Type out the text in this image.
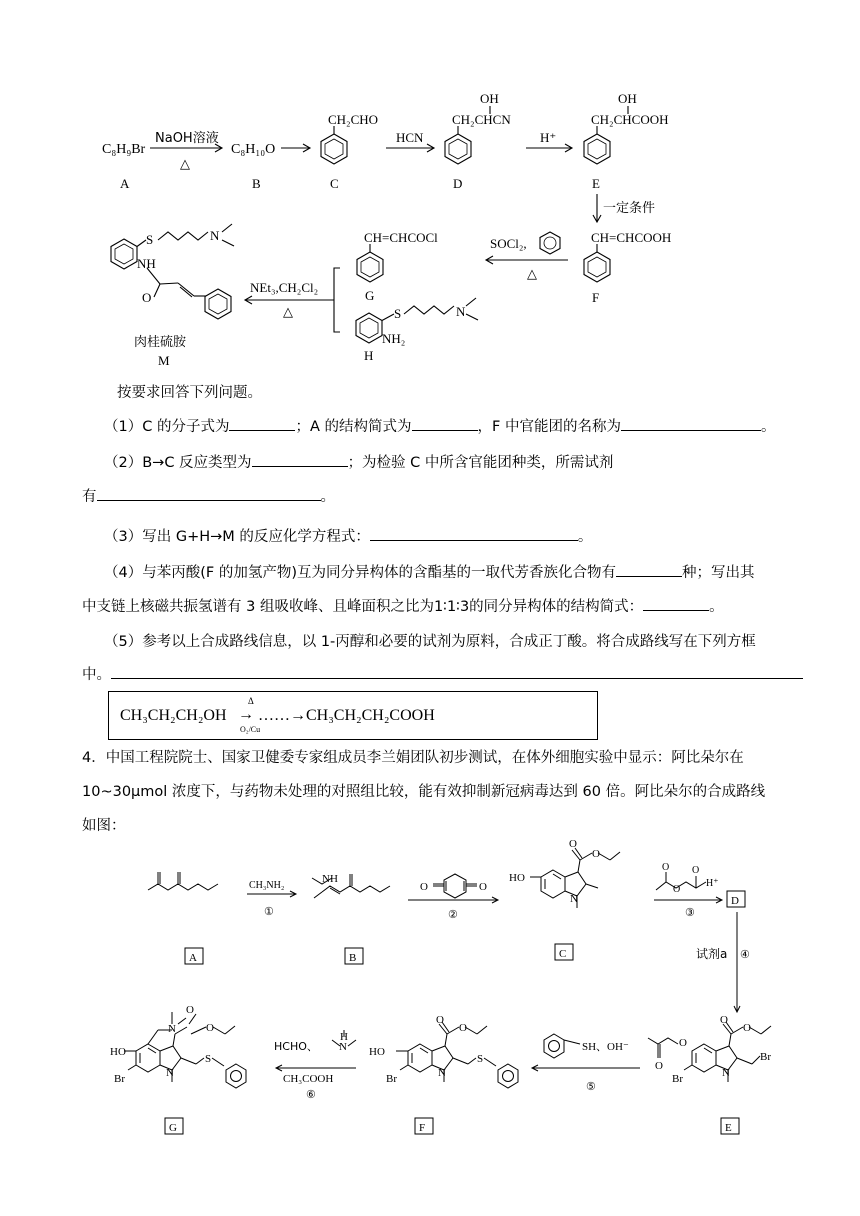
C₈H₉Br
A
NaOH溶液
△
C₈H₁₀O
B
CH₂CHO
C
HCN
OH
CH₂CHCN
D
H⁺
OH
CH₂CHCOOH
E
一定条件
CH=CHCOOH
F
SOCl₂,
△
CH=CHCOCl
G
S	N
NH₂
H
NEt₃,CH₂Cl₂
△
S	N
NH
O
肉桂硫胺
M
按要求回答下列问题。
（1）C 的分子式为	；A 的结构简式为	，F 中官能团的名称为	。
（2）B→C 反应类型为	；为检验 C 中所含官能团种类，所需试剂
有	。
（3）写出 G+H→M 的反应化学方程式：	。
（4）与苯丙酸(F 的加氢产物)互为同分异构体的含酯基的一取代芳香族化合物有	种；写出其
中支链上核磁共振氢谱有 3 组吸收峰、且峰面积之比为1∶1∶3的同分异构体的结构简式：	。
（5）参考以上合成路线信息，以 1-丙醇和必要的试剂为原料，合成正丁酸。将合成路线写在下列方框
中。
CH₃CH₂CH₂OH
Δ
→
O₂/Cu
……→CH₃CH₂CH₂COOH
4．中国工程院院士、国家卫健委专家组成员李兰娟团队初步测试，在体外细胞实验中显示：阿比朵尔在
10~30μmol 浓度下，与药物未处理的对照组比较，能有效抑制新冠病毒达到 60 倍。阿比朵尔的合成路线
如图：
A
CH₃NH₂
①
NH
B
②
O	O
HO
N
O
O
C
O
O
O
H⁺
③
D
试剂a ④
O
O
O
O
N
Br
Br
E
SH、OH⁻
⑤
HO
Br	N
S
O
O
F
HCHO、
H
N
CH₃COOH
⑥
HO
Br	N
N
S
O
O
G
